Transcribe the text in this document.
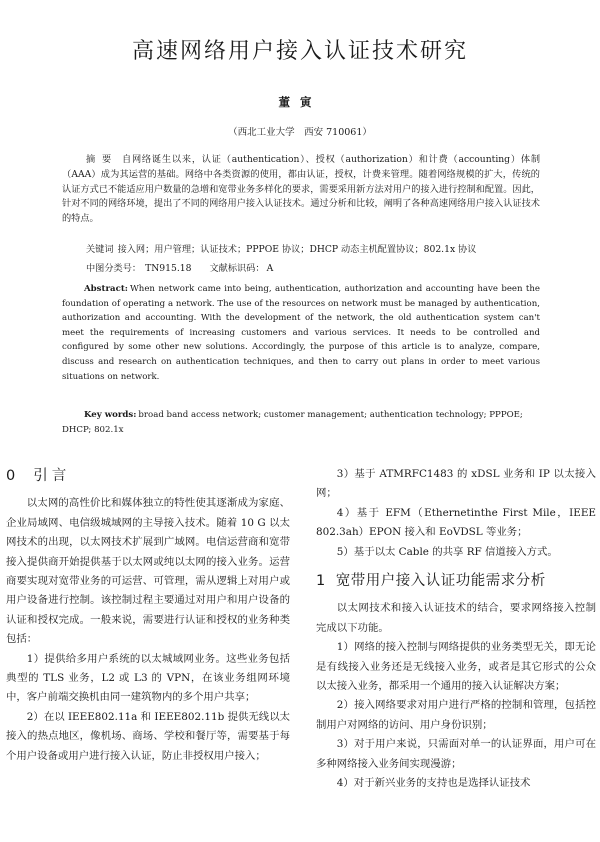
高速网络用户接入认证技术研究
董寅
（西北工业大学　西安 710061）
摘要 自网络诞生以来，认证（authentication）、授权（authorization）和计费（accounting）体制（AAA）成为其运营的基础。网络中各类资源的使用，都由认证，授权，计费来管理。随着网络规模的扩大，传统的认证方式已不能适应用户数量的急增和宽带业务多样化的要求，需要采用新方法对用户的接入进行控制和配置。因此，针对不同的网络环境，提出了不同的网络用户接入认证技术。通过分析和比较，阐明了各种高速网络用户接入认证技术的特点。
关键词 接入网；用户管理；认证技术；PPPOE 协议；DHCP 动态主机配置协议；802.1x 协议
中图分类号： TN915.18 文献标识码： A
Abstract: When network came into being, authentication, authorization and accounting have been the foundation of operating a network. The use of the resources on network must be managed by authentication, authorization and accounting. With the development of the network, the old authentication system can't meet the requirements of increasing customers and various services. It needs to be controlled and configured by some other new solutions. Accordingly, the purpose of this article is to analyze, compare, discuss and research on authentication techniques, and then to carry out plans in order to meet various situations on network.
Key words: broad band access network; customer management; authentication technology; PPPOE; DHCP; 802.1x
0 引言

以太网的高性价比和媒体独立的特性使其逐渐成为家庭、企业局域网、电信级城域网的主导接入技术。随着 10 G 以太网技术的出现，以太网技术扩展到广域网。电信运营商和宽带接入提供商开始提供基于以太网或纯以太网的接入业务。运营商要实现对宽带业务的可运营、可管理，需从逻辑上对用户或用户设备进行控制。该控制过程主要通过对用户和用户设备的认证和授权完成。一般来说，需要进行认证和授权的业务种类包括：

1）提供给多用户系统的以太城域网业务。这些业务包括典型的 TLS 业务，L2 或 L3 的 VPN，在该业务组网环境中，客户前端交换机由同一建筑物内的多个用户共享；

2）在以 IEEE802.11a 和 IEEE802.11b 提供无线以太接入的热点地区，像机场、商场、学校和餐厅等，需要基于每个用户设备或用户进行接入认证，防止非授权用户接入；

3）基于 ATMRFC1483 的 xDSL 业务和 IP 以太接入网；

4）基于 EFM（Ethernetinthe First Mile，IEEE 802.3ah）EPON 接入和 EoVDSL 等业务；

5）基于以太 Cable 的共享 RF 信道接入方式。

1 宽带用户接入认证功能需求分析

以太网技术和接入认证技术的结合，要求网络接入控制完成以下功能。

1）网络的接入控制与网络提供的业务类型无关，即无论是有线接入业务还是无线接入业务，或者是其它形式的公众以太接入业务，都采用一个通用的接入认证解决方案；

2）接入网络要求对用户进行严格的控制和管理，包括控制用户对网络的访问、用户身份识别；

3）对于用户来说，只需面对单一的认证界面，用户可在多种网络接入业务间实现漫游；

4）对于新兴业务的支持也是选择认证技术
